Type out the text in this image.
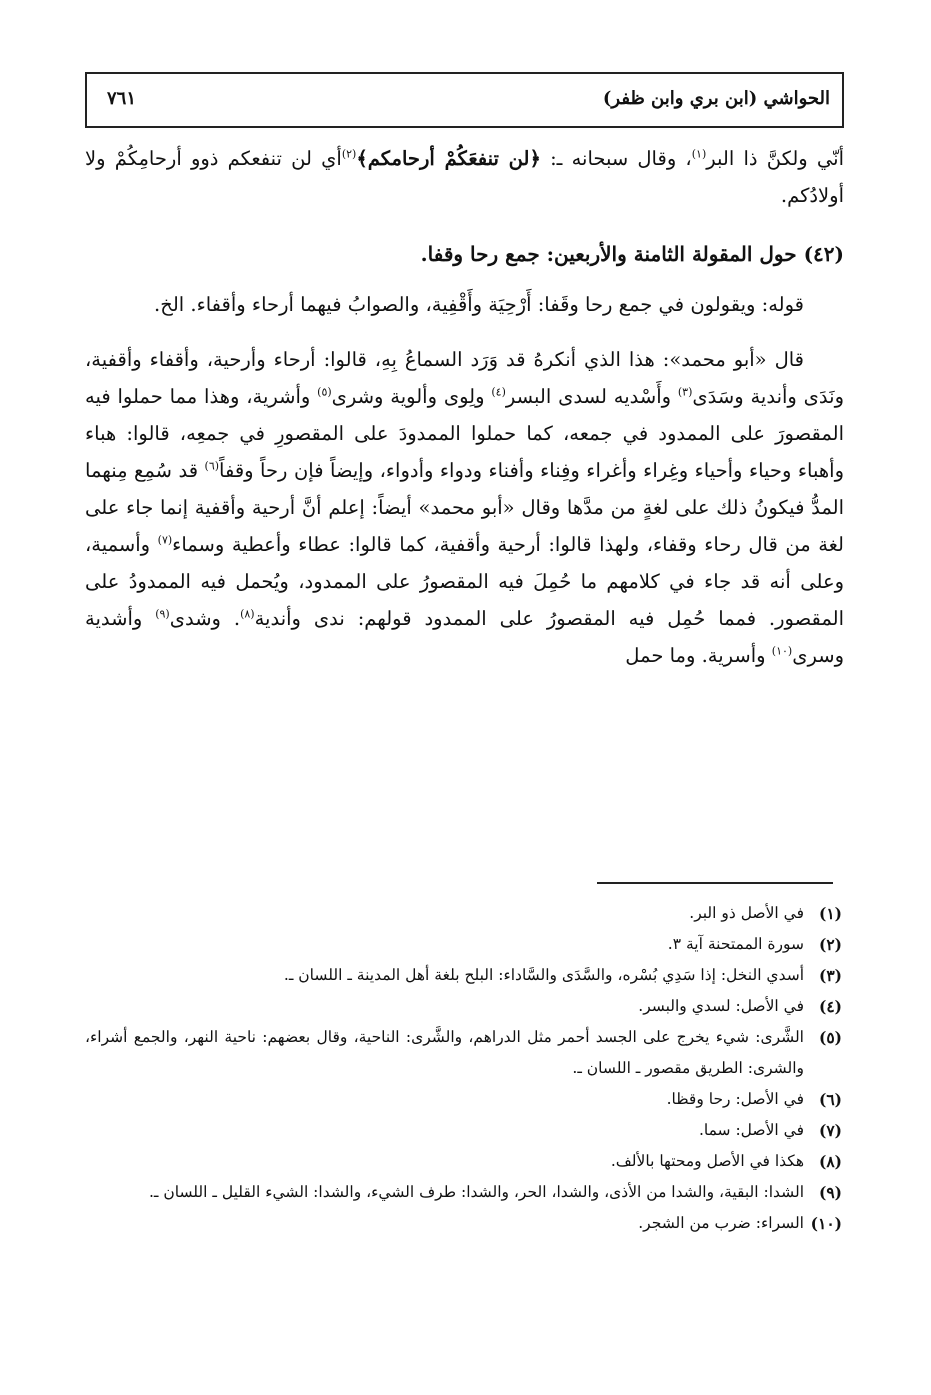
الحواشي (ابن بري وابن ظفر)
٧٦١

أنّي ولكنَّ ذا البر$^{(١)}$، وقال سبحانه ـ: ﴿لن تنفعَكُمْ أرحامكم﴾$^{(٢)}$أي لن تنفعكم ذوو أرحامِكُمْ ولا أولادُكم.

(٤٢) حول المقولة الثامنة والأربعين: جمع رحا وقفا.

قوله: ويقولون في جمع رحا وقَفا: أَرْحِيَة وأَقْفِية، والصوابُ فيهما أرحاء وأقفاء. الخ.

قال «أبو محمد»: هذا الذي أنكرهُ قد وَرَد السماعُ بِهِ، قالوا: أرحاء وأرحية، وأقفاء وأقفية، ونَدَى وأندية وسَدَى$^{(٣)}$ وأَسْديه لسدى البسر$^{(٤)}$ ولِوى وألوية وشرى$^{(٥)}$ وأشرية، وهذا مما حملوا فيه المقصورَ على الممدود في جمعه، كما حملوا الممدودَ على المقصورِ في جمعِه، قالوا: هباء وأهباء وحياء وأحياء وغِراء وأغراء وفِناء وأفناء ودواء وأدواء، وإيضاً فإن رحاً وقفاً$^{(٦)}$ قد سُمِع مِنهما المدُّ فيكونُ ذلك على لغةٍ من مدَّها وقال «أبو محمد» أيضاً: إعلم أنَّ أرحية وأقفية إنما جاء على لغة من قال رحاء وقفاء، ولهذا قالوا: أرحية وأقفية، كما قالوا: عطاء وأعطية وسماء$^{(٧)}$ وأسمية، وعلى أنه قد جاء في كلامهم ما حُمِلَ فيه المقصورُ على الممدود، ويُحمل فيه الممدودُ على المقصور. فمما حُمِل فيه المقصورُ على الممدود قولهم: ندى وأندية$^{(٨)}$. وشدى$^{(٩)}$ وأشدية وسرى$^{(١٠)}$ وأسرية. وما حمل

(١)
في الأصل ذو البر.

(٢)
سورة الممتحنة آية ٣.

(٣)
أسدي النخل: إذا سَدِي بُسْره، والسَّدَى والسَّاداء: البلح بلغة أهل المدينة ـ اللسان ـ.

(٤)
في الأصل: لسدي والبسر.

(٥)
الشَّرى: شيء يخرج على الجسد أحمر مثل الدراهم، والشَّرى: الناحية، وقال بعضهم: ناحية النهر، والجمع أشراء، والشرى: الطريق مقصور ـ اللسان ـ.

(٦)
في الأصل: رحا وقظا.

(٧)
في الأصل: سما.

(٨)
هكذا في الأصل ومحتها بالألف.

(٩)
الشدا: البقية، والشدا من الأذى، والشدا، الحر، والشدا: طرف الشيء، والشدا: الشيء القليل ـ اللسان ـ.

(١٠)
السراء: ضرب من الشجر.
